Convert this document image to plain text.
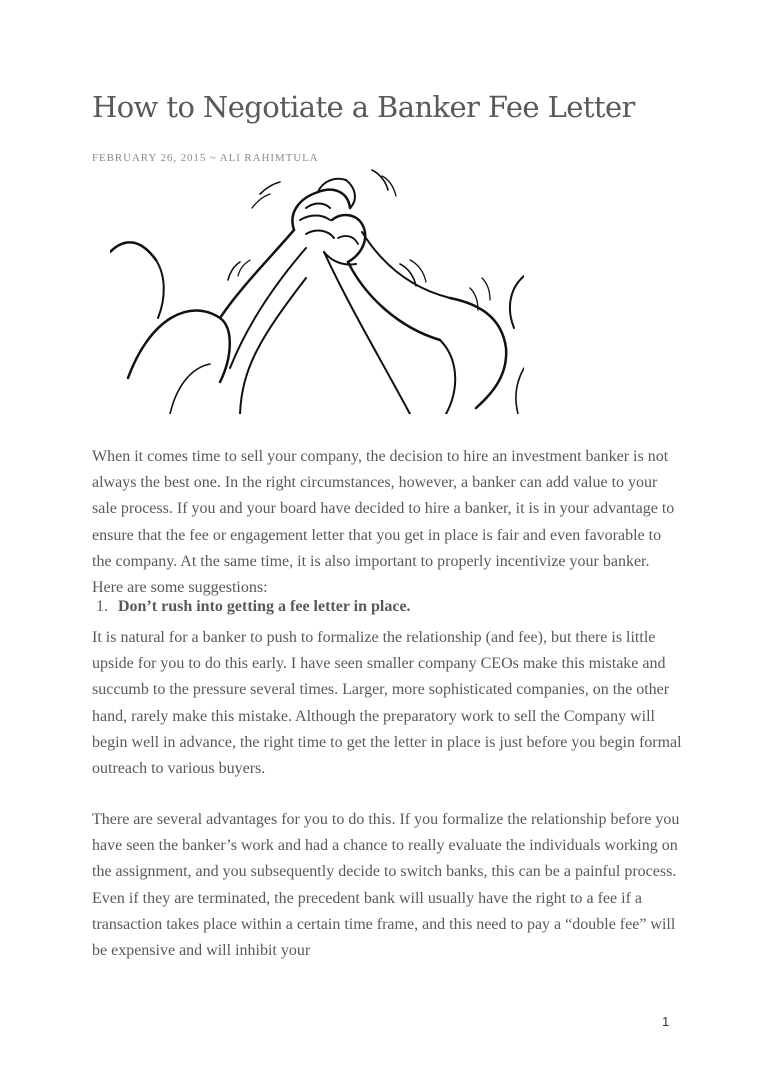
How to Negotiate a Banker Fee Letter
FEBRUARY 26, 2015 ~ ALI RAHIMTULA

When it comes time to sell your company, the decision to hire an investment banker is not always the best one. In the right circumstances, however, a banker can add value to your sale process. If you and your board have decided to hire a banker, it is in your advantage to ensure that the fee or engagement letter that you get in place is fair and even favorable to the company. At the same time, it is also important to properly incentivize your banker. Here are some suggestions:

1. Don’t rush into getting a fee letter in place.

It is natural for a banker to push to formalize the relationship (and fee), but there is little upside for you to do this early. I have seen smaller company CEOs make this mistake and succumb to the pressure several times. Larger, more sophisticated companies, on the other hand, rarely make this mistake. Although the preparatory work to sell the Company will begin well in advance, the right time to get the letter in place is just before you begin formal outreach to various buyers.

There are several advantages for you to do this. If you formalize the relationship before you have seen the banker’s work and had a chance to really evaluate the individuals working on the assignment, and you subsequently decide to switch banks, this can be a painful process. Even if they are terminated, the precedent bank will usually have the right to a fee if a transaction takes place within a certain time frame, and this need to pay a “double fee” will be expensive and will inhibit your

1
